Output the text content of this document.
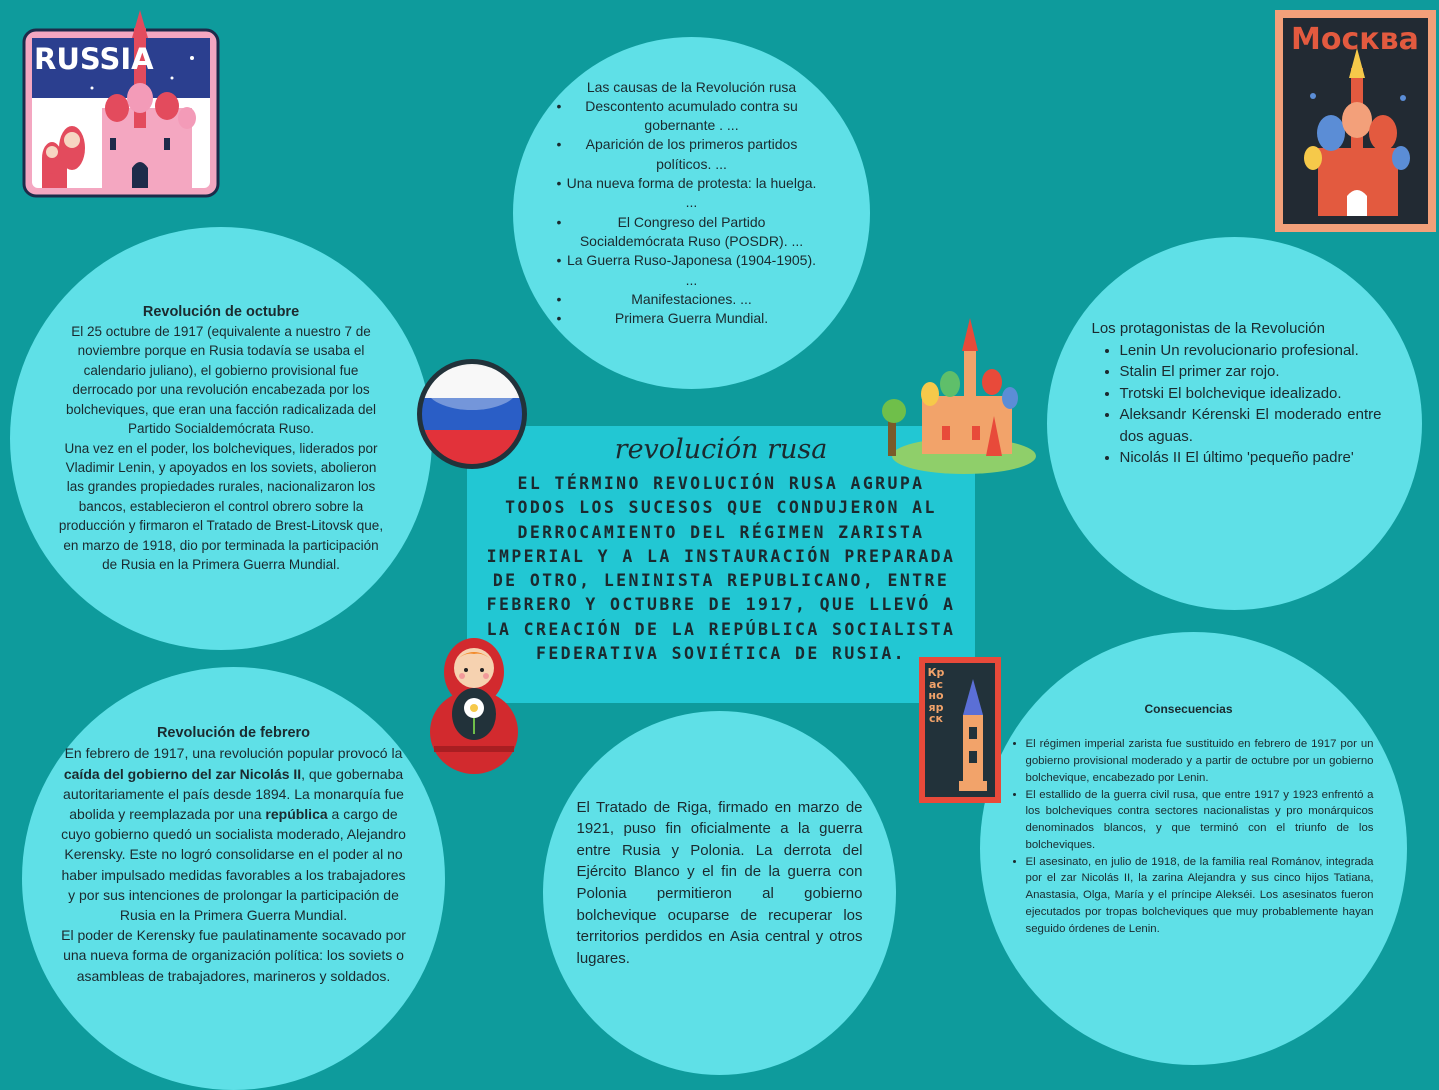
RUSSIA
Москва
Las causas de la Revolución rusa
• Descontento acumulado contra su gobernante . ...
• Aparición de los primeros partidos políticos. ...
• Una nueva forma de protesta: la huelga. ...
• El Congreso del Partido Socialdemócrata Ruso (POSDR). ...
• La Guerra Ruso-Japonesa (1904-1905). ...
• Manifestaciones. ...
• Primera Guerra Mundial.
Revolución de octubre
El 25 octubre de 1917 (equivalente a nuestro 7 de noviembre porque en Rusia todavía se usaba el calendario juliano), el gobierno provisional fue derrocado por una revolución encabezada por los bolcheviques, que eran una facción radicalizada del Partido Socialdemócrata Ruso.
Una vez en el poder, los bolcheviques, liderados por Vladimir Lenin, y apoyados en los soviets, abolieron las grandes propiedades rurales, nacionalizaron los bancos, establecieron el control obrero sobre la producción y firmaron el Tratado de Brest-Litovsk que, en marzo de 1918, dio por terminada la participación de Rusia en la Primera Guerra Mundial.
Los protagonistas de la Revolución
• Lenin Un revolucionario profesional.
• Stalin El primer zar rojo.
• Trotski El bolchevique idealizado.
• Aleksandr Kérenski El moderado entre dos aguas.
• Nicolás II El último 'pequeño padre'
Revolución de febrero
En febrero de 1917, una revolución popular provocó la caída del gobierno del zar Nicolás II, que gobernaba autoritariamente el país desde 1894. La monarquía fue abolida y reemplazada por una república a cargo de cuyo gobierno quedó un socialista moderado, Alejandro Kerensky. Este no logró consolidarse en el poder al no haber impulsado medidas favorables a los trabajadores y por sus intenciones de prolongar la participación de Rusia en la Primera Guerra Mundial.
El poder de Kerensky fue paulatinamente socavado por una nueva forma de organización política: los soviets o asambleas de trabajadores, marineros y soldados.
El Tratado de Riga, firmado en marzo de 1921, puso fin oficialmente a la guerra entre Rusia y Polonia. La derrota del Ejército Blanco y el fin de la guerra con Polonia permitieron al gobierno bolchevique ocuparse de recuperar los territorios perdidos en Asia central y otros lugares.
Consecuencias
• El régimen imperial zarista fue sustituido en febrero de 1917 por un gobierno provisional moderado y a partir de octubre por un gobierno bolchevique, encabezado por Lenin.
• El estallido de la guerra civil rusa, que entre 1917 y 1923 enfrentó a los bolcheviques contra sectores nacionalistas y pro monárquicos denominados blancos, y que terminó con el triunfo de los bolcheviques.
• El asesinato, en julio de 1918, de la familia real Románov, integrada por el zar Nicolás II, la zarina Alejandra y sus cinco hijos Tatiana, Anastasia, Olga, María y el príncipe Alekséi. Los asesinatos fueron ejecutados por tropas bolcheviques que muy probablemente hayan seguido órdenes de Lenin.
revolución rusa
EL TÉRMINO REVOLUCIÓN RUSA AGRUPA TODOS LOS SUCESOS QUE CONDUJERON AL DERROCAMIENTO DEL RÉGIMEN ZARISTA IMPERIAL Y A LA INSTAURACIÓN PREPARADA DE OTRO, LENINISTA REPUBLICANO, ENTRE FEBRERO Y OCTUBRE DE 1917, QUE LLEVÓ A LA CREACIÓN DE LA REPÚBLICA SOCIALISTA FEDERATIVA SOVIÉTICA DE RUSIA.
Красноярск
